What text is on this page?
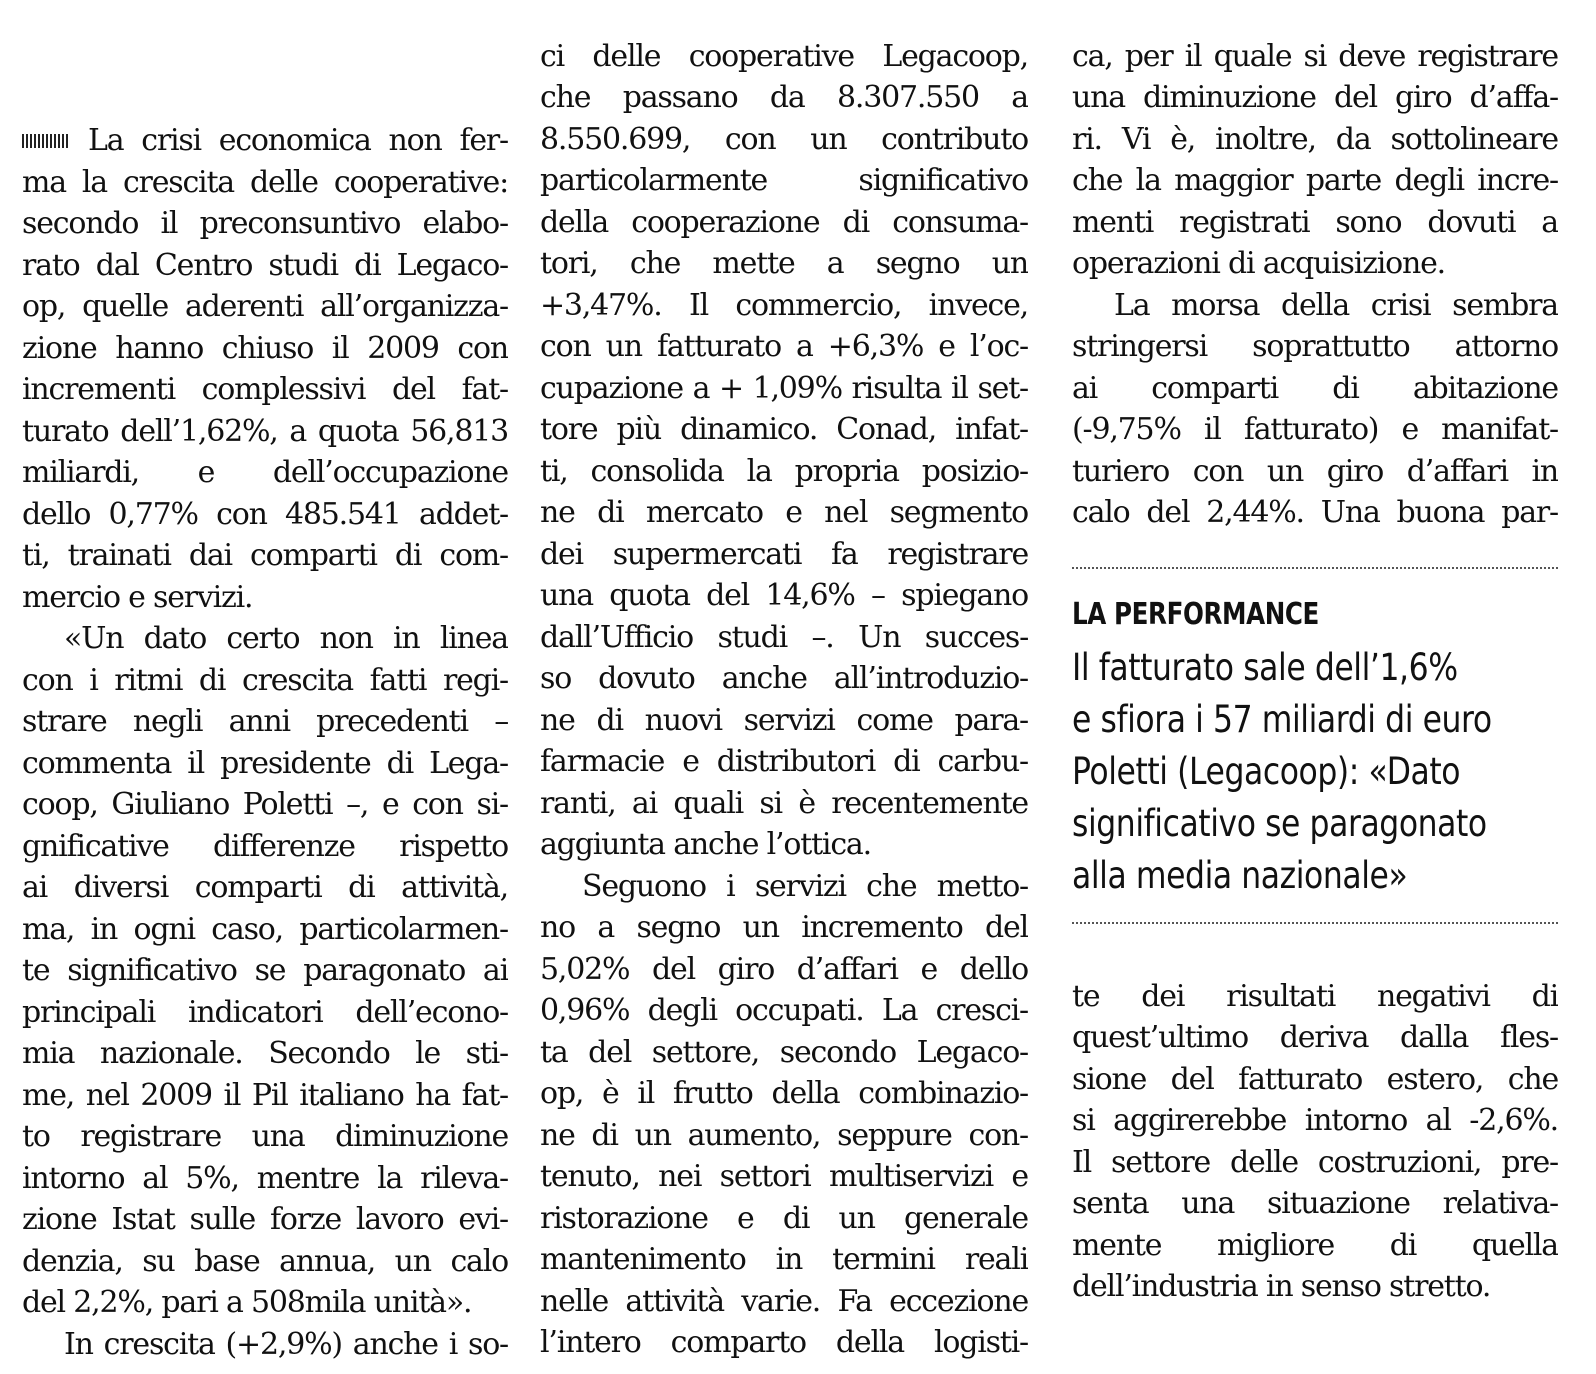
La crisi economica non fer-
ma la crescita delle cooperative:
secondo il preconsuntivo elabo-
rato dal Centro studi di Legaco-
op, quelle aderenti all’organizza-
zione hanno chiuso il 2009 con
incrementi complessivi del fat-
turato dell’1,62%, a quota 56,813
miliardi, e dell’occupazione
dello 0,77% con 485.541 addet-
ti, trainati dai comparti di com-
mercio e servizi.
«Un dato certo non in linea
con i ritmi di crescita fatti regi-
strare negli anni precedenti –
commenta il presidente di Lega-
coop, Giuliano Poletti –, e con si-
gnificative differenze rispetto
ai diversi comparti di attività,
ma, in ogni caso, particolarmen-
te significativo se paragonato ai
principali indicatori dell’econo-
mia nazionale. Secondo le sti-
me, nel 2009 il Pil italiano ha fat-
to registrare una diminuzione
intorno al 5%, mentre la rileva-
zione Istat sulle forze lavoro evi-
denzia, su base annua, un calo
del 2,2%, pari a 508mila unità».
In crescita (+2,9%) anche i so-
ci delle cooperative Legacoop,
che passano da 8.307.550 a
8.550.699, con un contributo
particolarmente significativo
della cooperazione di consuma-
tori, che mette a segno un
+3,47%. Il commercio, invece,
con un fatturato a +6,3% e l’oc-
cupazione a + 1,09% risulta il set-
tore più dinamico. Conad, infat-
ti, consolida la propria posizio-
ne di mercato e nel segmento
dei supermercati fa registrare
una quota del 14,6% – spiegano
dall’Ufficio studi –. Un succes-
so dovuto anche all’introduzio-
ne di nuovi servizi come para-
farmacie e distributori di carbu-
ranti, ai quali si è recentemente
aggiunta anche l’ottica.
Seguono i servizi che metto-
no a segno un incremento del
5,02% del giro d’affari e dello
0,96% degli occupati. La cresci-
ta del settore, secondo Legaco-
op, è il frutto della combinazio-
ne di un aumento, seppure con-
tenuto, nei settori multiservizi e
ristorazione e di un generale
mantenimento in termini reali
nelle attività varie. Fa eccezione
l’intero comparto della logisti-
ca, per il quale si deve registrare
una diminuzione del giro d’affa-
ri. Vi è, inoltre, da sottolineare
che la maggior parte degli incre-
menti registrati sono dovuti a
operazioni di acquisizione.
La morsa della crisi sembra
stringersi soprattutto attorno
ai comparti di abitazione
(-9,75% il fatturato) e manifat-
turiero con un giro d’affari in
calo del 2,44%. Una buona par-
LA PERFORMANCE
Il fatturato sale dell’1,6%
e sfiora i 57 miliardi di euro
Poletti (Legacoop): «Dato
significativo se paragonato
alla media nazionale»
te dei risultati negativi di
quest’ultimo deriva dalla fles-
sione del fatturato estero, che
si aggirerebbe intorno al -2,6%.
Il settore delle costruzioni, pre-
senta una situazione relativa-
mente migliore di quella
dell’industria in senso stretto.
